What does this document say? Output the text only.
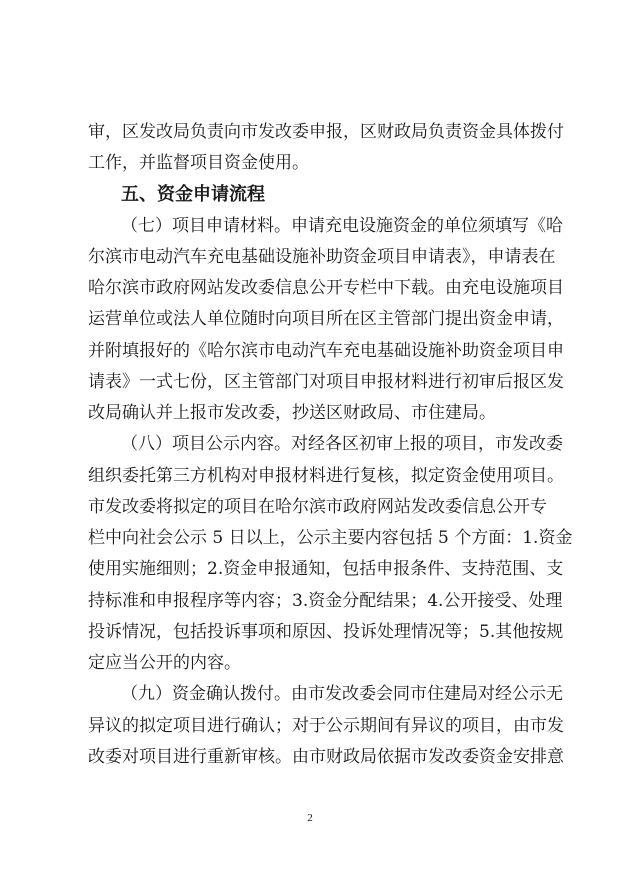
审，区发改局负责向市发改委申报，区财政局负责资金具体拨付
工作，并监督项目资金使用。
五、资金申请流程
（七）项目申请材料。申请充电设施资金的单位须填写《哈
尔滨市电动汽车充电基础设施补助资金项目申请表》，申请表在
哈尔滨市政府网站发改委信息公开专栏中下载。由充电设施项目
运营单位或法人单位随时向项目所在区主管部门提出资金申请，
并附填报好的《哈尔滨市电动汽车充电基础设施补助资金项目申
请表》一式七份，区主管部门对项目申报材料进行初审后报区发
改局确认并上报市发改委，抄送区财政局、市住建局。
（八）项目公示内容。对经各区初审上报的项目，市发改委
组织委托第三方机构对申报材料进行复核，拟定资金使用项目。
市发改委将拟定的项目在哈尔滨市政府网站发改委信息公开专
栏中向社会公示 5 日以上，公示主要内容包括 5 个方面：1.资金
使用实施细则；2.资金申报通知，包括申报条件、支持范围、支
持标准和申报程序等内容；3.资金分配结果；4.公开接受、处理
投诉情况，包括投诉事项和原因、投诉处理情况等；5.其他按规
定应当公开的内容。
（九）资金确认拨付。由市发改委会同市住建局对经公示无
异议的拟定项目进行确认；对于公示期间有异议的项目，由市发
改委对项目进行重新审核。由市财政局依据市发改委资金安排意
2
